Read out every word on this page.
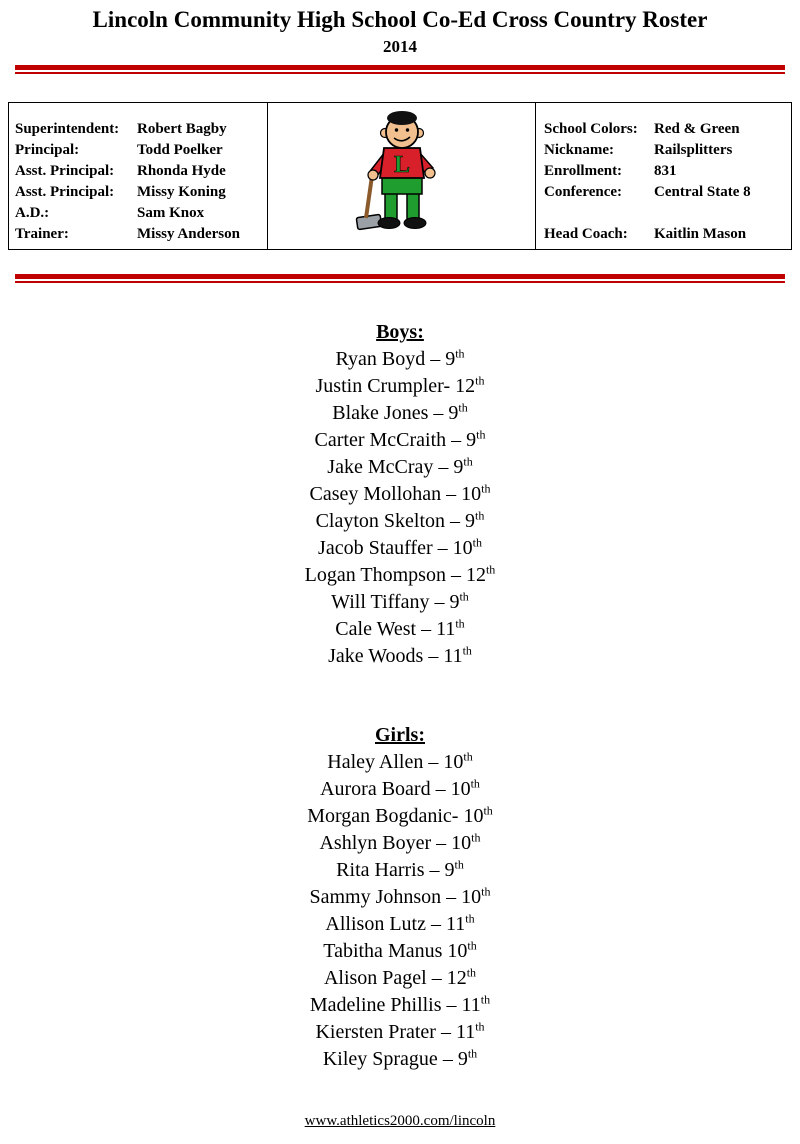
Lincoln Community High School Co-Ed Cross Country Roster
2014
Superintendent:	Robert Bagby
Principal:	Todd Poelker
Asst. Principal:	Rhonda Hyde
Asst. Principal:	Missy Koning
A.D.:	Sam Knox
Trainer:	Missy Anderson
L
School Colors:	Red & Green
Nickname:	Railsplitters
Enrollment:	831
Conference:	Central State 8
Head Coach:	Kaitlin Mason
Boys:
Ryan Boyd – 9th
Justin Crumpler- 12th
Blake Jones – 9th
Carter McCraith – 9th
Jake McCray – 9th
Casey Mollohan – 10th
Clayton Skelton – 9th
Jacob Stauffer – 10th
Logan Thompson – 12th
Will Tiffany – 9th
Cale West – 11th
Jake Woods – 11th
Girls:
Haley Allen – 10th
Aurora Board – 10th
Morgan Bogdanic- 10th
Ashlyn Boyer – 10th
Rita Harris – 9th
Sammy Johnson – 10th
Allison Lutz – 11th
Tabitha Manus 10th
Alison Pagel – 12th
Madeline Phillis – 11th
Kiersten Prater – 11th
Kiley Sprague – 9th
www.athletics2000.com/lincoln
